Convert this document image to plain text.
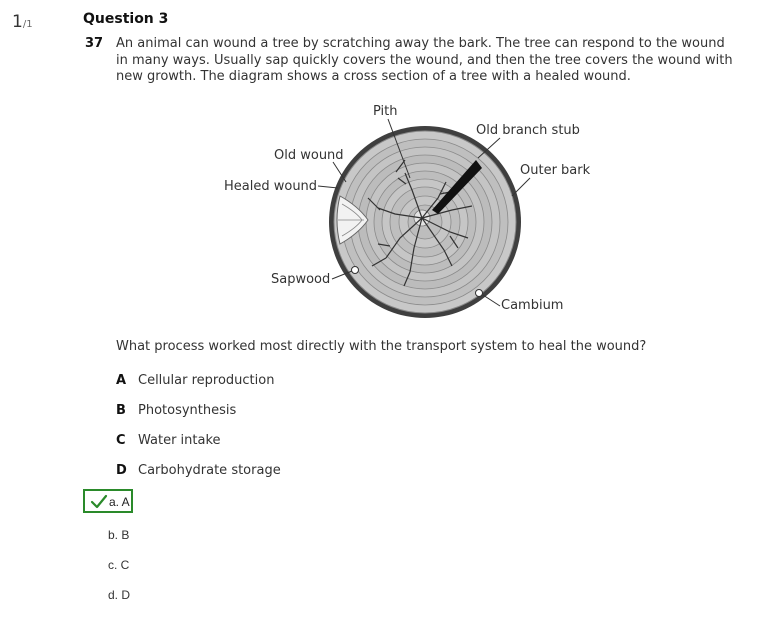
1/1	Question 3
37 An animal can wound a tree by scratching away the bark. The tree can respond to the wound
in many ways. Usually sap quickly covers the wound, and then the tree covers the wound with
new growth. The diagram shows a cross section of a tree with a healed wound.
Pith
Old branch stub
Old wound
Outer bark
Healed wound
Sapwood
Cambium
What process worked most directly with the transport system to heal the wound?
A Cellular reproduction
B Photosynthesis
C Water intake
D Carbohydrate storage
a. A
b. B
c. C
d. D
